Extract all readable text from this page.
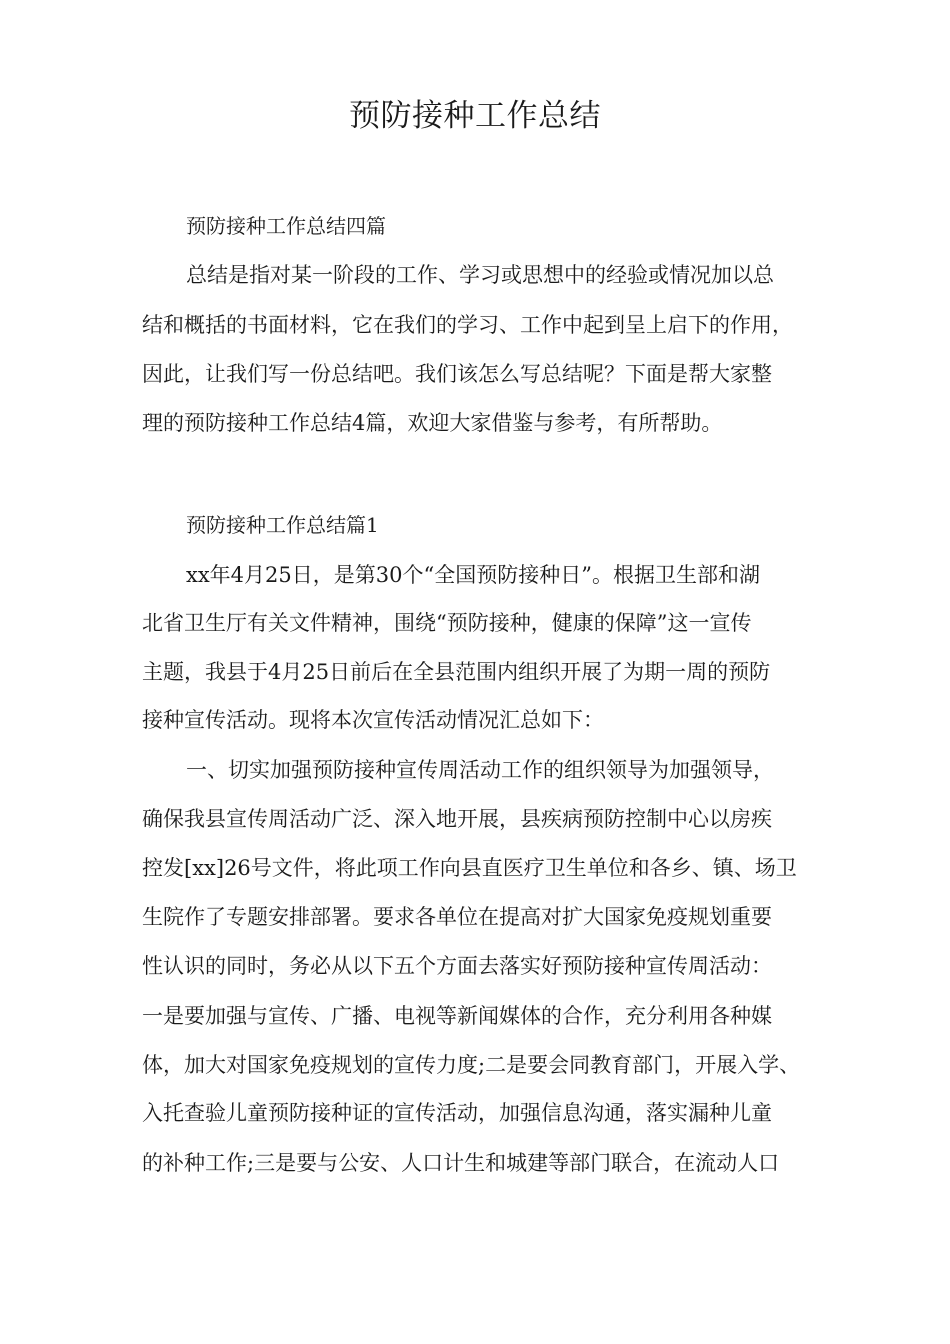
预防接种工作总结
预防接种工作总结四篇
总结是指对某一阶段的工作、学习或思想中的经验或情况加以总
结和概括的书面材料，它在我们的学习、工作中起到呈上启下的作用，
因此，让我们写一份总结吧。我们该怎么写总结呢？下面是帮大家整
理的预防接种工作总结4篇，欢迎大家借鉴与参考，有所帮助。
预防接种工作总结篇1
xx年4月25日，是第30个“全国预防接种日”。根据卫生部和湖
北省卫生厅有关文件精神，围绕“预防接种，健康的保障”这一宣传
主题，我县于4月25日前后在全县范围内组织开展了为期一周的预防
接种宣传活动。现将本次宣传活动情况汇总如下：
一、切实加强预防接种宣传周活动工作的组织领导为加强领导，
确保我县宣传周活动广泛、深入地开展，县疾病预防控制中心以房疾
控发[xx]26号文件，将此项工作向县直医疗卫生单位和各乡、镇、场卫
生院作了专题安排部署。要求各单位在提高对扩大国家免疫规划重要
性认识的同时，务必从以下五个方面去落实好预防接种宣传周活动：
一是要加强与宣传、广播、电视等新闻媒体的合作，充分利用各种媒
体，加大对国家免疫规划的宣传力度;二是要会同教育部门，开展入学、
入托查验儿童预防接种证的宣传活动，加强信息沟通，落实漏种儿童
的补种工作;三是要与公安、人口计生和城建等部门联合，在流动人口
